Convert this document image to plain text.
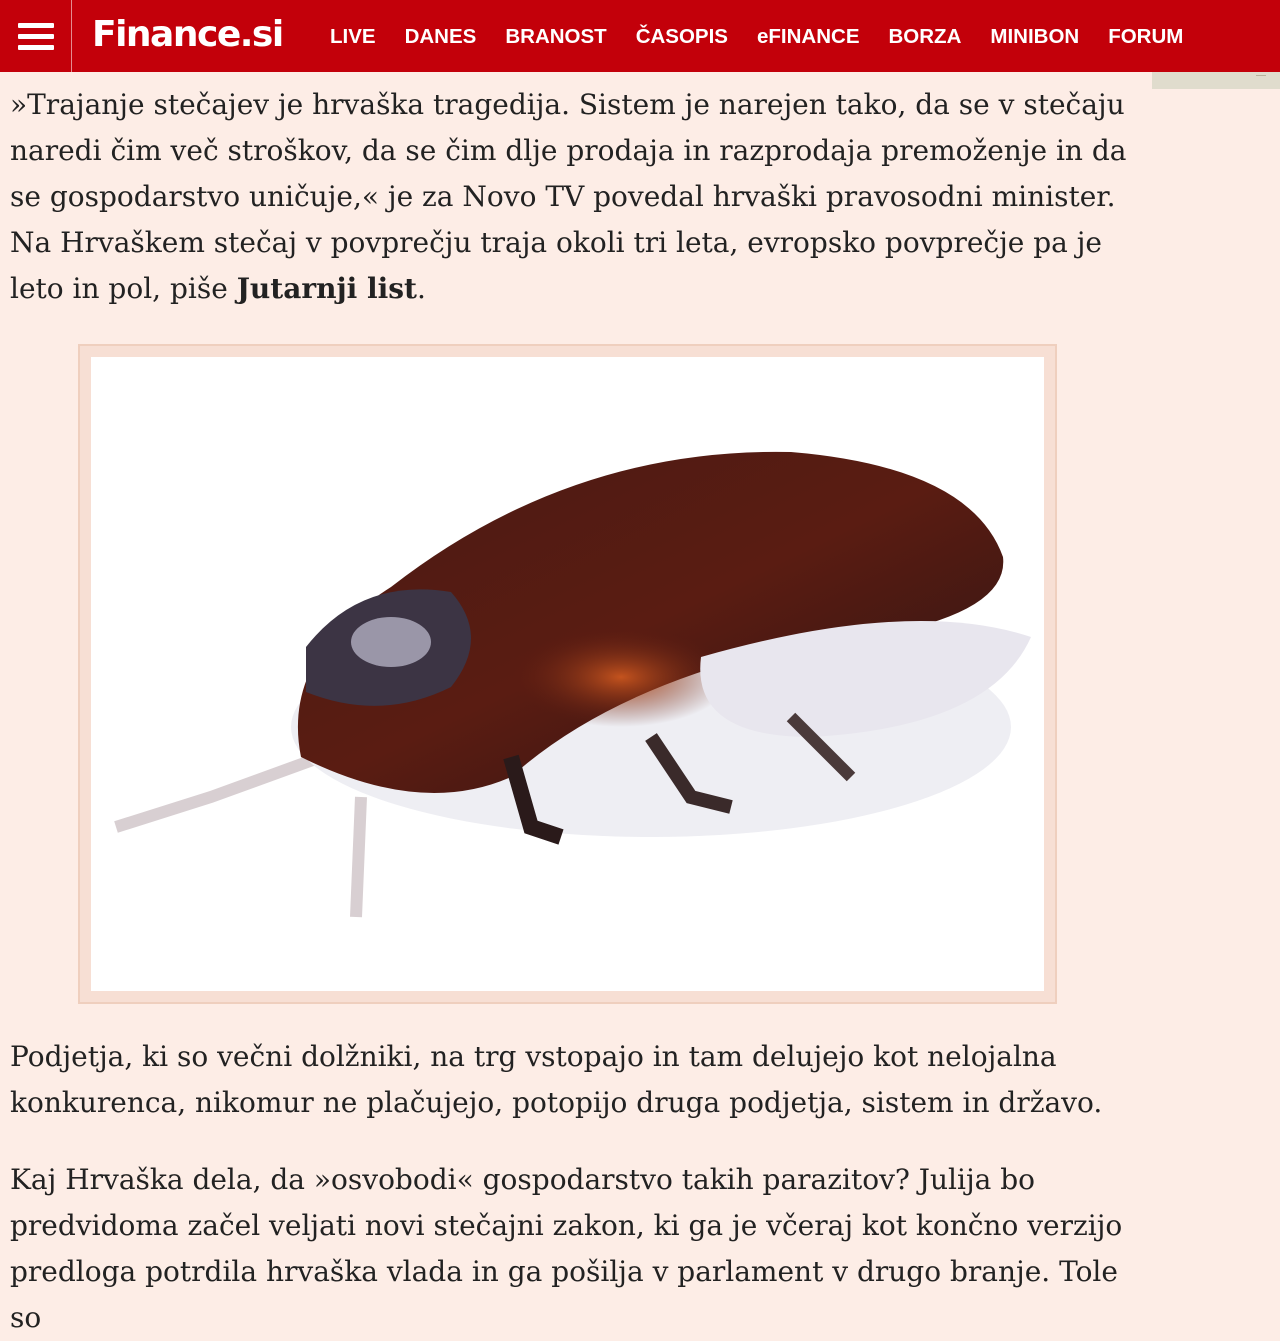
Finance.si LIVE DANES BRANOST ČASOPIS eFINANCE BORZA MINIBON FORUM

»Trajanje stečajev je hrvaška tragedija. Sistem je narejen tako, da se v stečaju naredi čim več stroškov, da se čim dlje prodaja in razprodaja premoženje in da se gospodarstvo uničuje,« je za Novo TV povedal hrvaški pravosodni minister. Na Hrvaškem stečaj v povprečju traja okoli tri leta, evropsko povprečje pa je leto in pol, piše Jutarnji list.

Podjetja, ki so večni dolžniki, na trg vstopajo in tam delujejo kot nelojalna konkurenca, nikomur ne plačujejo, potopijo druga podjetja, sistem in državo.

Kaj Hrvaška dela, da »osvobodi« gospodarstvo takih parazitov? Julija bo predvidoma začel veljati novi stečajni zakon, ki ga je včeraj kot končno verzijo predloga potrdila hrvaška vlada in ga pošilja v parlament v drugo branje. Tole so
